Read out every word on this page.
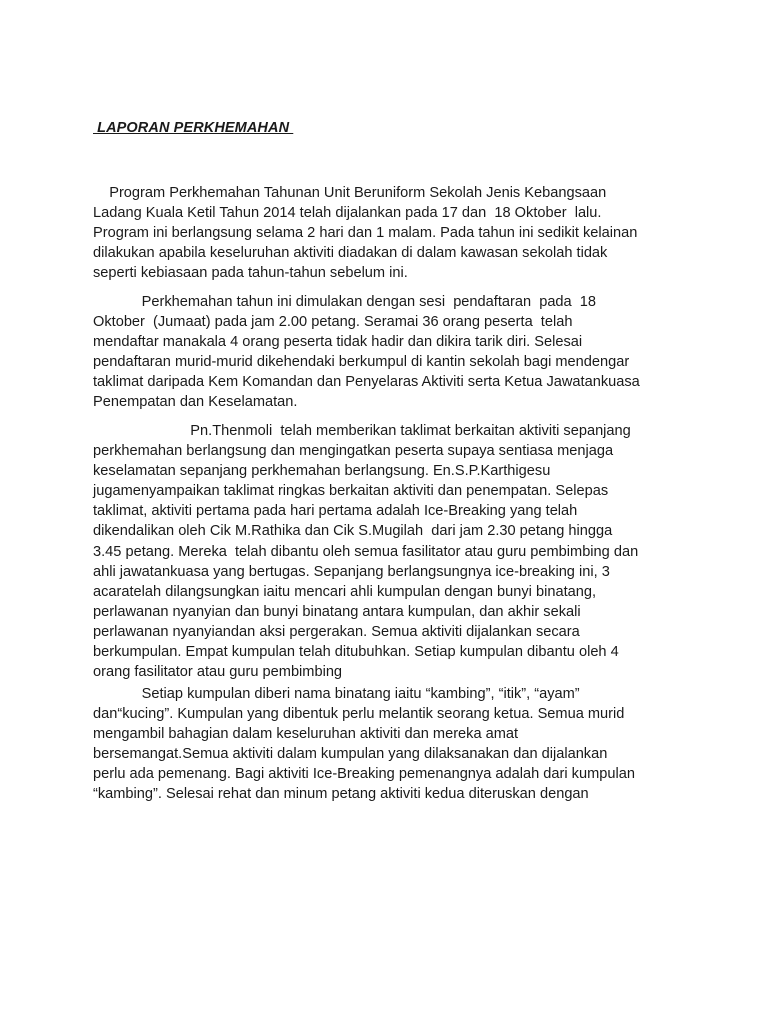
LAPORAN PERKHEMAHAN
Program Perkhemahan Tahunan Unit Beruniform Sekolah Jenis Kebangsaan
Ladang Kuala Ketil Tahun 2014 telah dijalankan pada 17 dan  18 Oktober  lalu.
Program ini berlangsung selama 2 hari dan 1 malam. Pada tahun ini sedikit kelainan
dilakukan apabila keseluruhan aktiviti diadakan di dalam kawasan sekolah tidak
seperti kebiasaan pada tahun-tahun sebelum ini.
Perkhemahan tahun ini dimulakan dengan sesi  pendaftaran  pada  18
Oktober  (Jumaat) pada jam 2.00 petang. Seramai 36 orang peserta  telah
mendaftar manakala 4 orang peserta tidak hadir dan dikira tarik diri. Selesai
pendaftaran murid-murid dikehendaki berkumpul di kantin sekolah bagi mendengar
taklimat daripada Kem Komandan dan Penyelaras Aktiviti serta Ketua Jawatankuasa
Penempatan dan Keselamatan.
Pn.Thenmoli  telah memberikan taklimat berkaitan aktiviti sepanjang
perkhemahan berlangsung dan mengingatkan peserta supaya sentiasa menjaga
keselamatan sepanjang perkhemahan berlangsung. En.S.P.Karthigesu
jugamenyampaikan taklimat ringkas berkaitan aktiviti dan penempatan. Selepas
taklimat, aktiviti pertama pada hari pertama adalah Ice-Breaking yang telah
dikendalikan oleh Cik M.Rathika dan Cik S.Mugilah  dari jam 2.30 petang hingga
3.45 petang. Mereka  telah dibantu oleh semua fasilitator atau guru pembimbing dan
ahli jawatankuasa yang bertugas. Sepanjang berlangsungnya ice-breaking ini, 3
acaratelah dilangsungkan iaitu mencari ahli kumpulan dengan bunyi binatang,
perlawanan nyanyian dan bunyi binatang antara kumpulan, dan akhir sekali
perlawanan nyanyiandan aksi pergerakan. Semua aktiviti dijalankan secara
berkumpulan. Empat kumpulan telah ditubuhkan. Setiap kumpulan dibantu oleh 4
orang fasilitator atau guru pembimbing
Setiap kumpulan diberi nama binatang iaitu “kambing”, “itik”, “ayam”
dan“kucing”. Kumpulan yang dibentuk perlu melantik seorang ketua. Semua murid
mengambil bahagian dalam keseluruhan aktiviti dan mereka amat
bersemangat.Semua aktiviti dalam kumpulan yang dilaksanakan dan dijalankan
perlu ada pemenang. Bagi aktiviti Ice-Breaking pemenangnya adalah dari kumpulan
“kambing”. Selesai rehat dan minum petang aktiviti kedua diteruskan dengan
